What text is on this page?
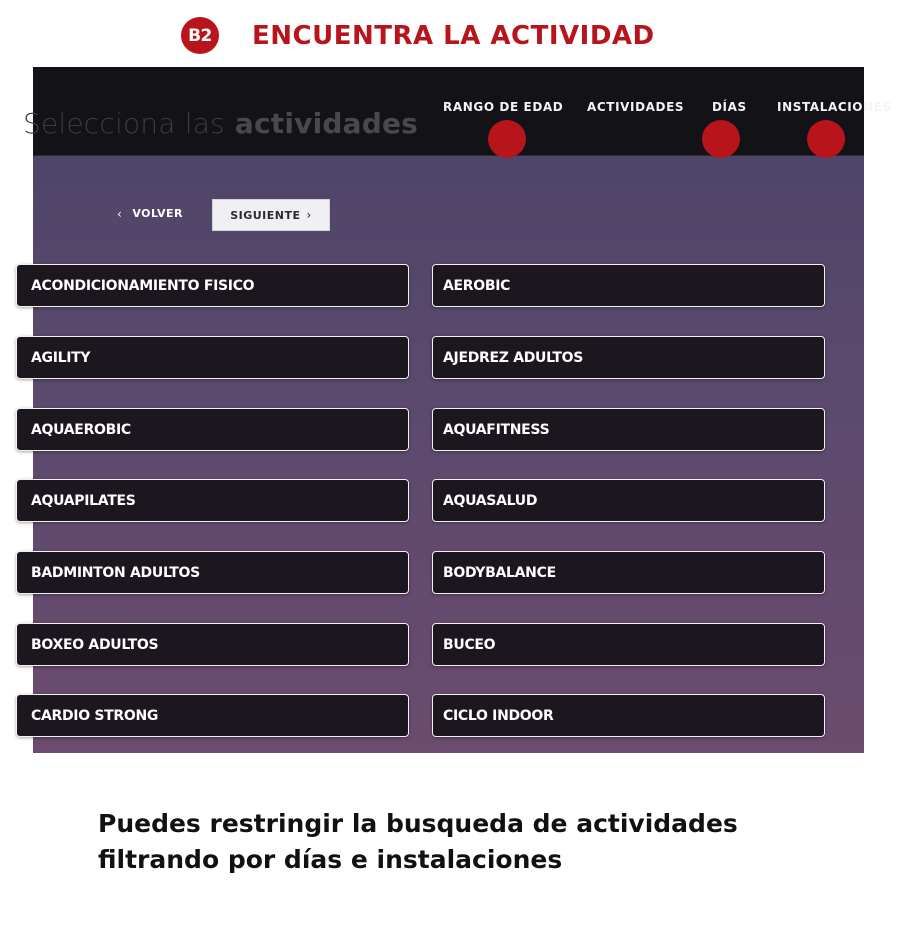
B2 ENCUENTRA LA ACTIVIDAD
Selecciona las actividades RANGO DE EDAD ACTIVIDADES DÍAS	INSTALACIONES
‹ VOLVER	SIGUIENTE ›
ACONDICIONAMIENTO FISICO
AGILITY
AQUAEROBIC
AQUAPILATES
BADMINTON ADULTOS
BOXEO ADULTOS
CARDIO STRONG
AEROBIC
AJEDREZ ADULTOS
AQUAFITNESS
AQUASALUD
BODYBALANCE
BUCEO
CICLO INDOOR
Puedes restringir la busqueda de actividades
filtrando por días e instalaciones
